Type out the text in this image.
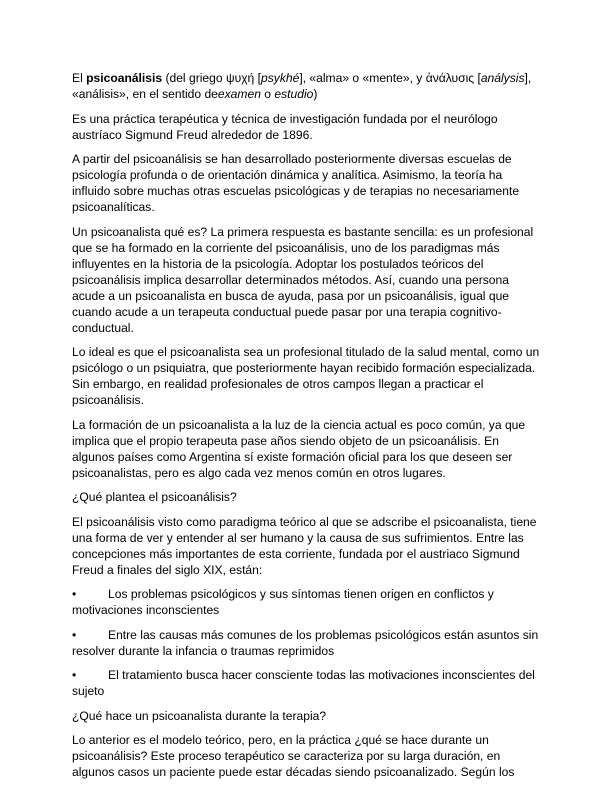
El psicoanálisis (del griego ψυχή [psykhé], «alma» o «mente», y ἀνάλυσις [análysis], «análisis», en el sentido deexamen o estudio)

Es una práctica terapéutica y técnica de investigación fundada por el neurólogo austríaco Sigmund Freud alrededor de 1896.

A partir del psicoanálisis se han desarrollado posteriormente diversas escuelas de psicología profunda o de orientación dinámica y analítica. Asimismo, la teoría ha influido sobre muchas otras escuelas psicológicas y de terapias no necesariamente psicoanalíticas.

Un psicoanalista qué es? La primera respuesta es bastante sencilla: es un profesional que se ha formado en la corriente del psicoanálisis, uno de los paradigmas más influyentes en la historia de la psicología. Adoptar los postulados teóricos del psicoanálisis implica desarrollar determinados métodos. Así, cuando una persona acude a un psicoanalista en busca de ayuda, pasa por un psicoanálisis, igual que cuando acude a un terapeuta conductual puede pasar por una terapia cognitivo-conductual.

Lo ideal es que el psicoanalista sea un profesional titulado de la salud mental, como un psicólogo o un psiquiatra, que posteriormente hayan recibido formación especializada. Sin embargo, en realidad profesionales de otros campos llegan a practicar el psicoanálisis.

La formación de un psicoanalista a la luz de la ciencia actual es poco común, ya que implica que el propio terapeuta pase años siendo objeto de un psicoanálisis. En algunos países como Argentina sí existe formación oficial para los que deseen ser psicoanalistas, pero es algo cada vez menos común en otros lugares.

¿Qué plantea el psicoanálisis?

El psicoanálisis visto como paradigma teórico al que se adscribe el psicoanalista, tiene una forma de ver y entender al ser humano y la causa de sus sufrimientos. Entre las concepciones más importantes de esta corriente, fundada por el austriaco Sigmund Freud a finales del siglo XIX, están:

•	Los problemas psicológicos y sus síntomas tienen origen en conflictos y motivaciones inconscientes

•	Entre las causas más comunes de los problemas psicológicos están asuntos sin resolver durante la infancia o traumas reprimidos

•	El tratamiento busca hacer consciente todas las motivaciones inconscientes del sujeto

¿Qué hace un psicoanalista durante la terapia?

Lo anterior es el modelo teórico, pero, en la práctica ¿qué se hace durante un psicoanálisis? Este proceso terapéutico se caracteriza por su larga duración, en algunos casos un paciente puede estar décadas siendo psicoanalizado. Según los
